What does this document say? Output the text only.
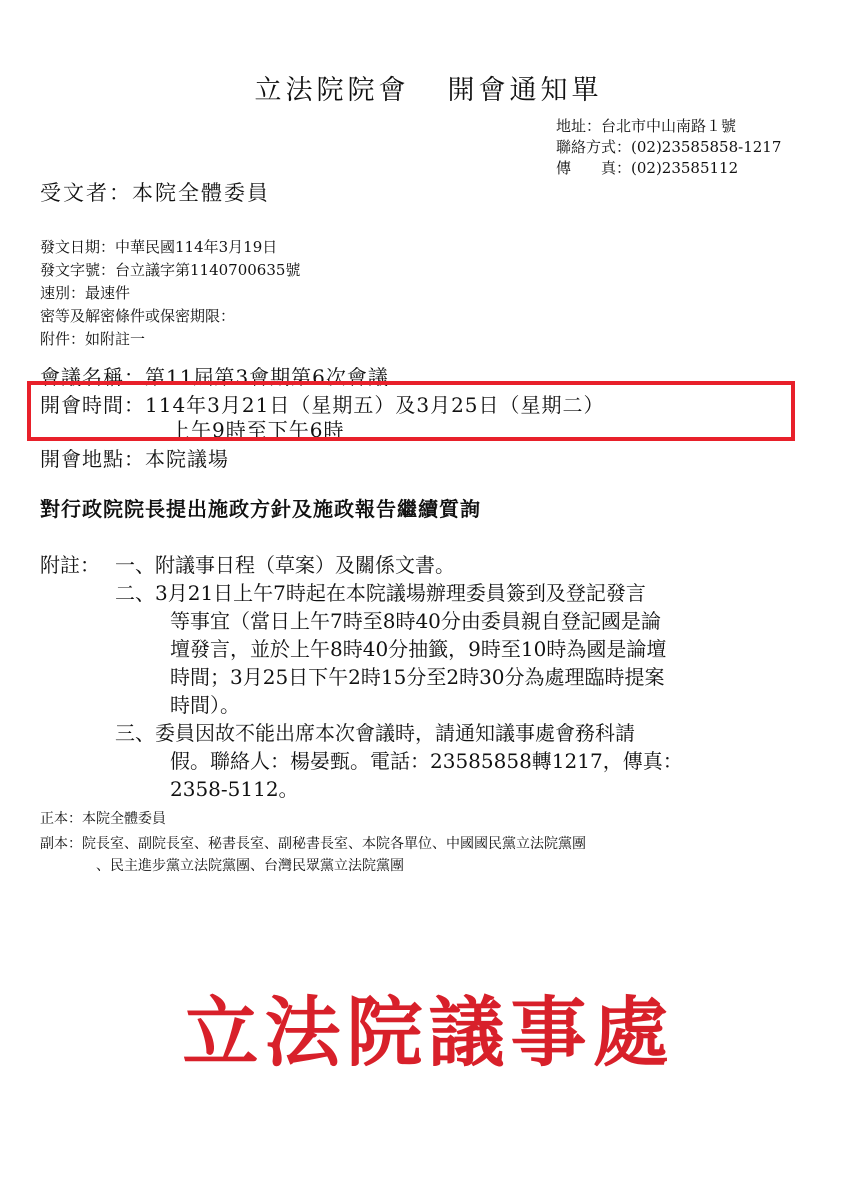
立法院院會 開會通知單
地址：台北市中山南路１號
聯絡方式：(02)23585858-1217
傳　　真：(02)23585112
受文者：本院全體委員
發文日期：中華民國114年3月19日
發文字號：台立議字第1140700635號
速別：最速件
密等及解密條件或保密期限：
附件：如附註一
會議名稱：第11屆第3會期第6次會議
開會時間：114年3月21日（星期五）及3月25日（星期二）
上午9時至下午6時
開會地點：本院議場
對行政院院長提出施政方針及施政報告繼續質詢
附註： 一、附議事日程（草案）及關係文書。
二、3月21日上午7時起在本院議場辦理委員簽到及登記發言
等事宜（當日上午7時至8時40分由委員親自登記國是論
壇發言，並於上午8時40分抽籤，9時至10時為國是論壇
時間；3月25日下午2時15分至2時30分為處理臨時提案
時間）。
三、委員因故不能出席本次會議時，請通知議事處會務科請
假。聯絡人：楊晏甄。電話：23585858轉1217，傳真：
2358-5112。
正本：本院全體委員
副本：院長室、副院長室、秘書長室、副秘書長室、本院各單位、中國國民黨立法院黨團
、民主進步黨立法院黨團、台灣民眾黨立法院黨團
立法院議事處
